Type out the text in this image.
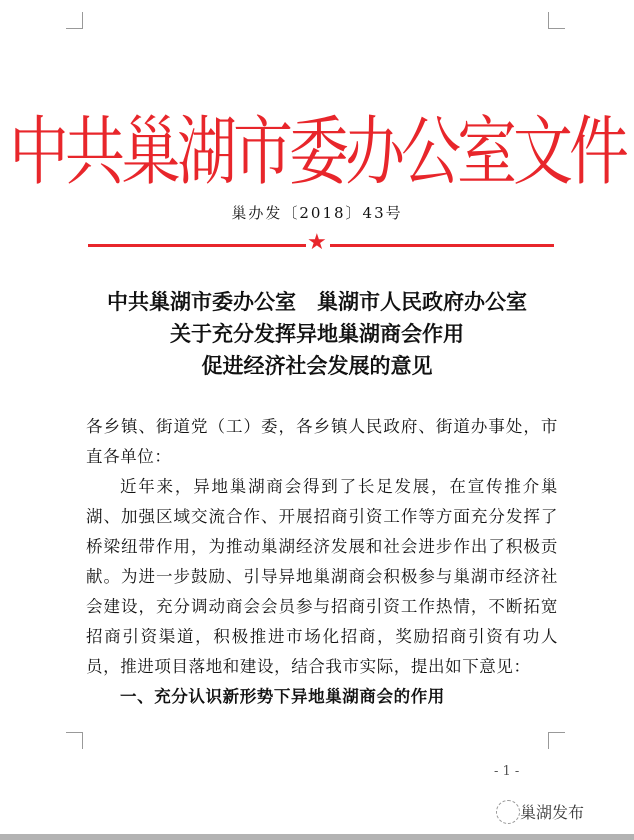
中共巢湖市委办公室文件
巢办发〔2018〕43号
★
中共巢湖市委办公室　巢湖市人民政府办公室
关于充分发挥异地巢湖商会作用
促进经济社会发展的意见

各乡镇、街道党（工）委，各乡镇人民政府、街道办事处，市直各单位：

近年来，异地巢湖商会得到了长足发展，在宣传推介巢湖、加强区域交流合作、开展招商引资工作等方面充分发挥了桥梁纽带作用，为推动巢湖经济发展和社会进步作出了积极贡献。为进一步鼓励、引导异地巢湖商会积极参与巢湖市经济社会建设，充分调动商会会员参与招商引资工作热情，不断拓宽招商引资渠道，积极推进市场化招商，奖励招商引资有功人员，推进项目落地和建设，结合我市实际，提出如下意见：

一、充分认识新形势下异地巢湖商会的作用

- 1 -
巢湖发布
